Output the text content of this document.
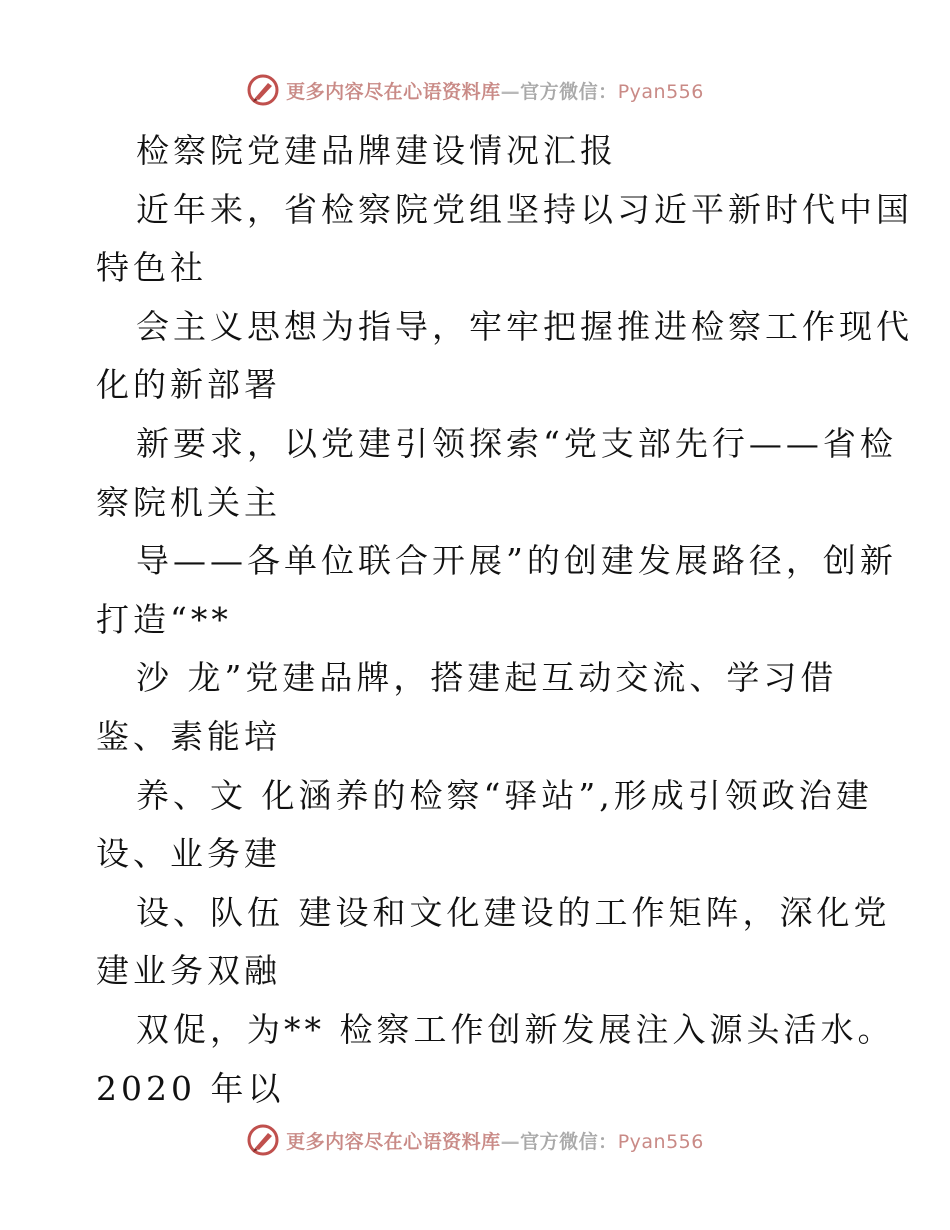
更多内容尽在心语资料库—官方微信：Pyan556
检察院党建品牌建设情况汇报
近年来，省检察院党组坚持以习近平新时代中国
特色社
会主义思想为指导，牢牢把握推进检察工作现代
化的新部署
新要求，以党建引领探索“党支部先行——省检
察院机关主
导——各单位联合开展”的创建发展路径，创新
打造“**
沙 龙”党建品牌，搭建起互动交流、学习借
鉴、素能培
养、文 化涵养的检察“驿站”,形成引领政治建
设、业务建
设、队伍 建设和文化建设的工作矩阵，深化党
建业务双融
双促，为** 检察工作创新发展注入源头活水。
2020 年以
更多内容尽在心语资料库—官方微信：Pyan556
